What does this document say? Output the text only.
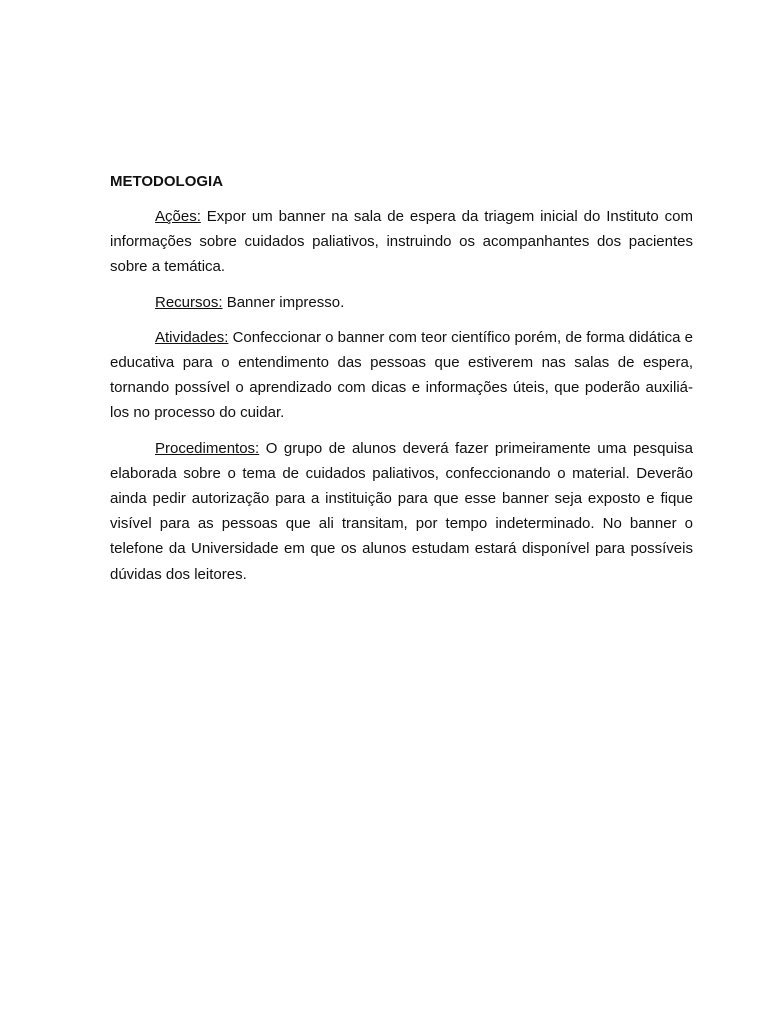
METODOLOGIA

Ações: Expor um banner na sala de espera da triagem inicial do Instituto com informações sobre cuidados paliativos, instruindo os acompanhantes dos pacientes sobre a temática.

Recursos: Banner impresso.

Atividades: Confeccionar o banner com teor científico porém, de forma didática e educativa para o entendimento das pessoas que estiverem nas salas de espera, tornando possível o aprendizado com dicas e informações úteis, que poderão auxiliá-los no processo do cuidar.

Procedimentos: O grupo de alunos deverá fazer primeiramente uma pesquisa elaborada sobre o tema de cuidados paliativos, confeccionando o material. Deverão ainda pedir autorização para a instituição para que esse banner seja exposto e fique visível para as pessoas que ali transitam, por tempo indeterminado. No banner o telefone da Universidade em que os alunos estudam estará disponível para possíveis dúvidas dos leitores.
